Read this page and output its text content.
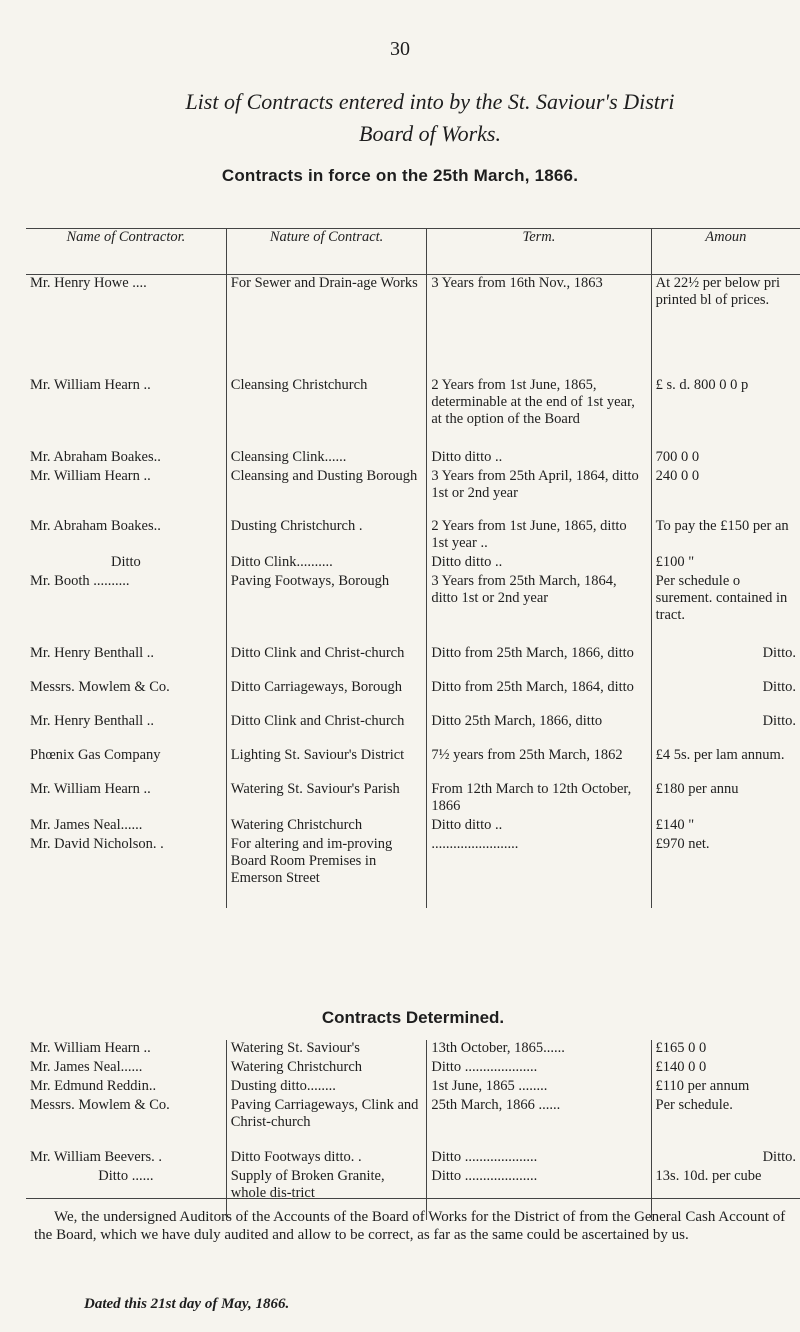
30
List of Contracts entered into by the St. Saviour's Distri
Board of Works.
Contracts in force on the 25th March, 1866.
Name of Contractor.	Nature of Contract.	Term.	Amoun
Mr. Henry Howe ....	For Sewer and Drain-age Works	3 Years from 16th Nov., 1863	At 22½ per below pri printed bl of prices.
Mr. William Hearn ..	Cleansing Christchurch	2 Years from 1st June, 1865, determinable at the end of 1st year, at the option of the Board	£ s. d. 800 0 0 p
Mr. Abraham Boakes..	Cleansing Clink......	Ditto ditto ..	700 0 0
Mr. William Hearn ..	Cleansing and Dusting Borough	3 Years from 25th April, 1864, ditto 1st or 2nd year	240 0 0
Mr. Abraham Boakes..	Dusting Christchurch .	2 Years from 1st June, 1865, ditto 1st year ..	To pay the £150 per an
Ditto	Ditto Clink..........	Ditto ditto ..	£100 "
Mr. Booth ..........	Paving Footways, Borough	3 Years from 25th March, 1864, ditto 1st or 2nd year	Per schedule o surement. contained in tract.
Mr. Henry Benthall ..	Ditto Clink and Christ-church	Ditto from 25th March, 1866, ditto	Ditto.
Messrs. Mowlem & Co.	Ditto Carriageways, Borough	Ditto from 25th March, 1864, ditto	Ditto.
Mr. Henry Benthall ..	Ditto Clink and Christ-church	Ditto 25th March, 1866, ditto	Ditto.
Phœnix Gas Company	Lighting St. Saviour's District	7½ years from 25th March, 1862	£4 5s. per lam annum.
Mr. William Hearn ..	Watering St. Saviour's Parish	From 12th March to 12th October, 1866	£180 per annu
Mr. James Neal......	Watering Christchurch	Ditto ditto ..	£140 "
Mr. David Nicholson. .	For altering and im-proving Board Room Premises in Emerson Street	........................	£970 net.
Contracts Determined.
Mr. William Hearn ..	Watering St. Saviour's	13th October, 1865......	£165 0 0
Mr. James Neal......	Watering Christchurch	Ditto ....................	£140 0 0
Mr. Edmund Reddin..	Dusting ditto........	1st June, 1865 ........	£110 per annum
Messrs. Mowlem & Co.	Paving Carriageways, Clink and Christ-church	25th March, 1866 ......	Per schedule.
Mr. William Beevers. .	Ditto Footways ditto. .	Ditto ....................	Ditto.
Ditto ......	Supply of Broken Granite, whole dis-trict	Ditto ....................	13s. 10d. per cube
We, the undersigned Auditors of the Accounts of the Board of Works for the District of from the General Cash Account of the Board, which we have duly audited and allow to be correct, as far as the same could be ascertained by us.
Dated this 21st day of May, 1866.
